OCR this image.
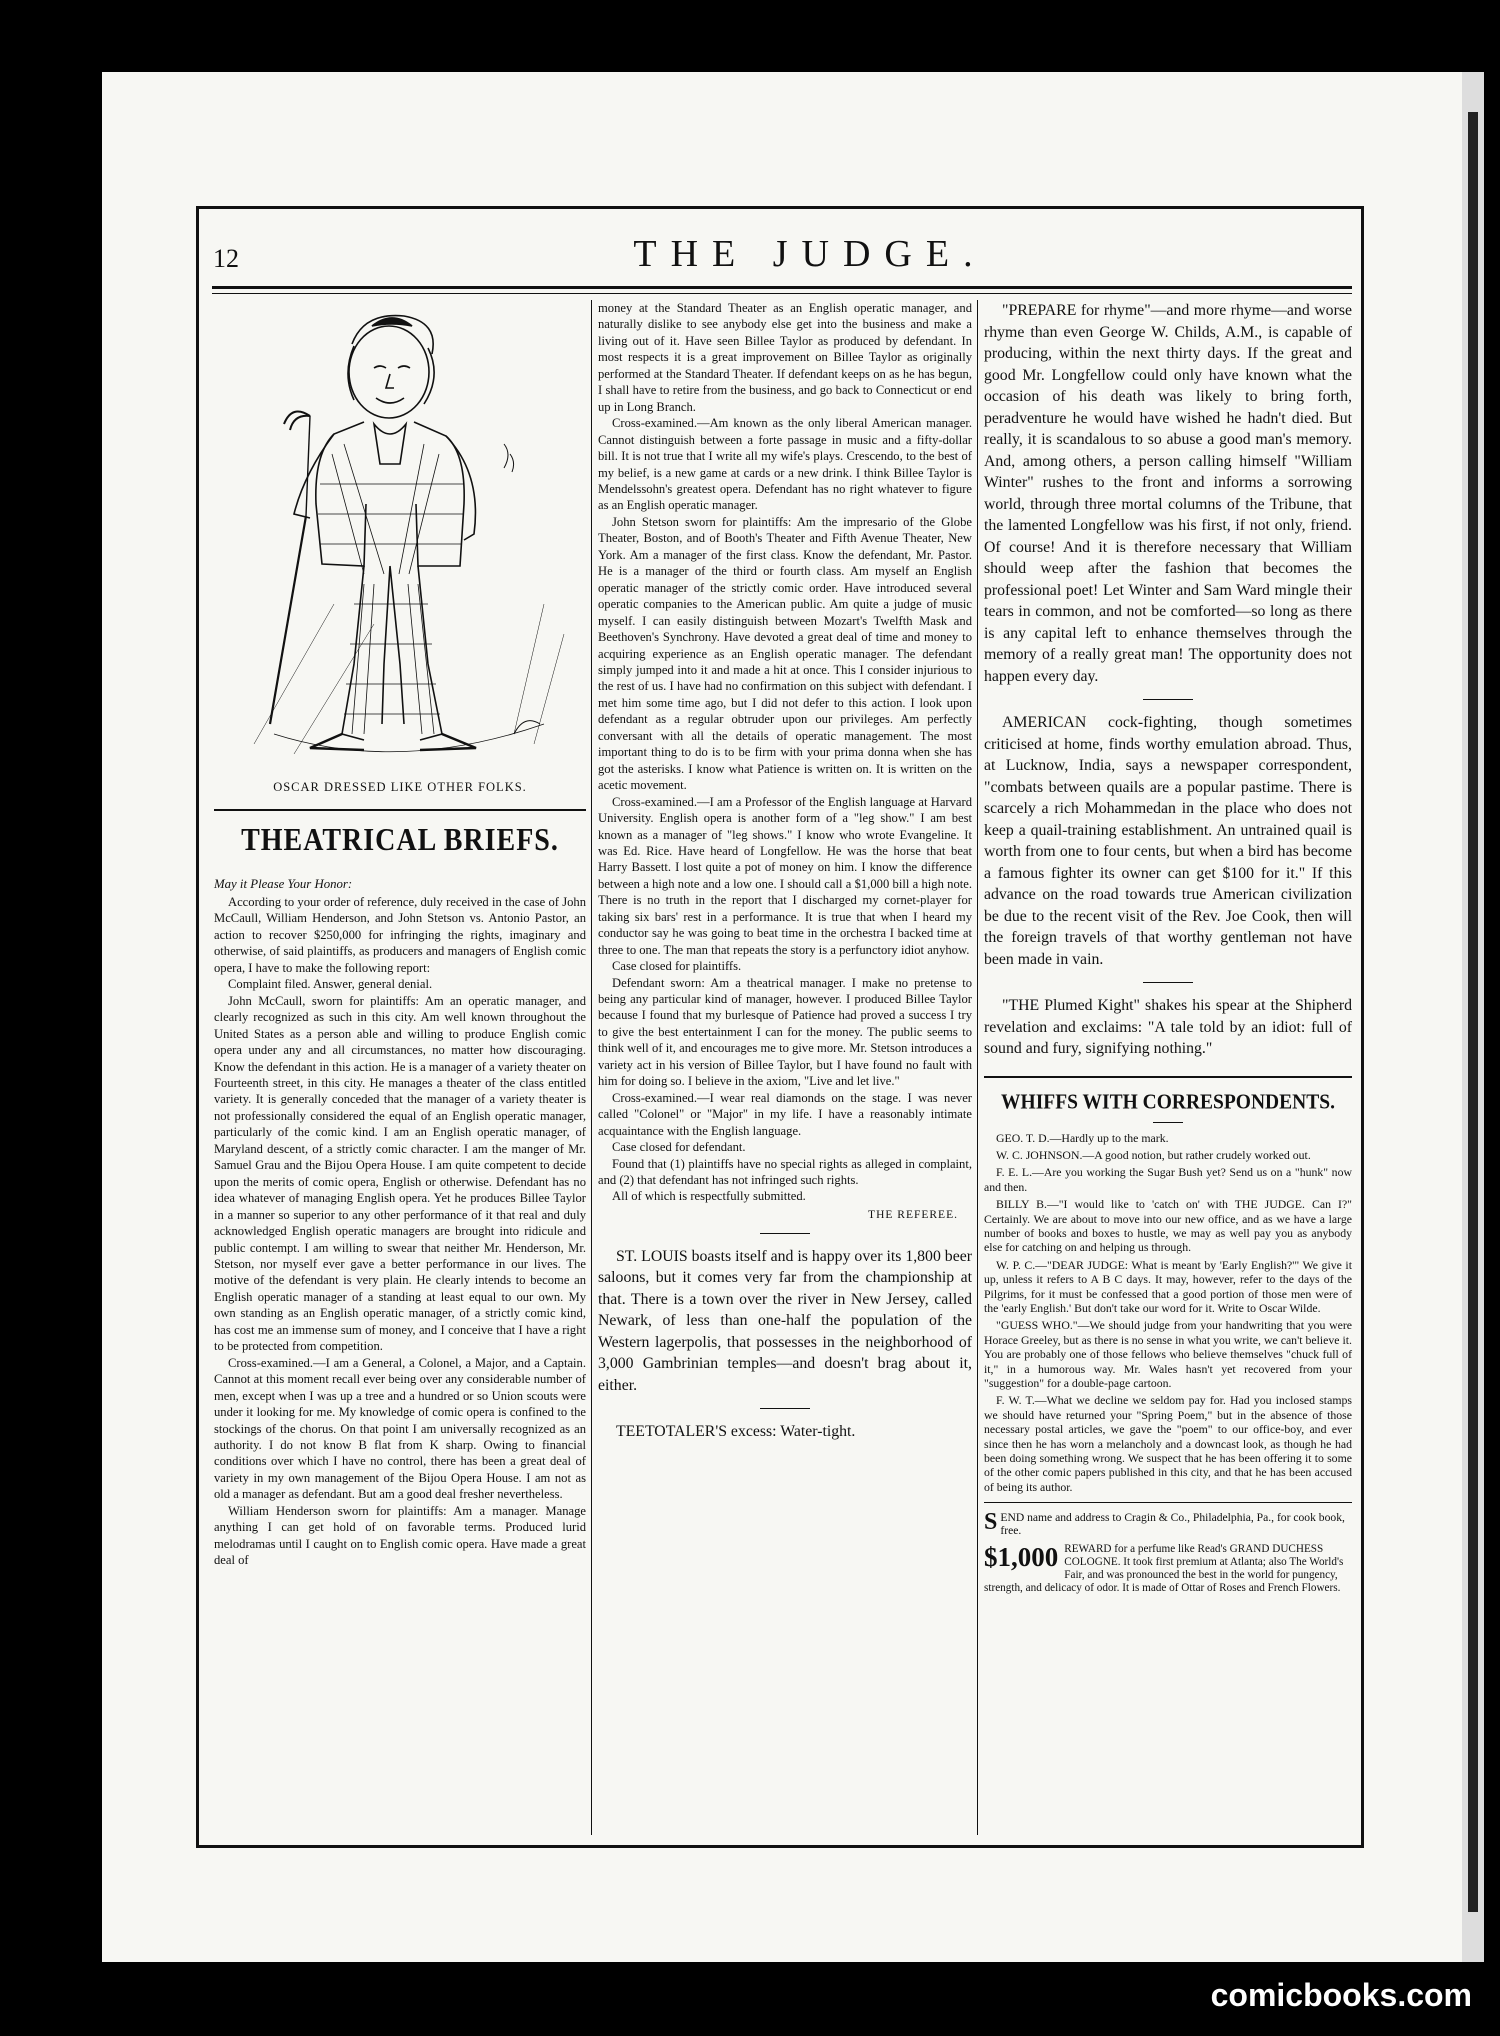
12	THE JUDGE.

OSCAR DRESSED LIKE OTHER FOLKS.

THEATRICAL BRIEFS.
May it Please Your Honor:

According to your order of reference, duly received in the case of John McCaull, William Henderson, and John Stetson vs. Antonio Pastor, an action to recover $250,000 for infringing the rights, imaginary and otherwise, of said plaintiffs, as producers and managers of English comic opera, I have to make the following report:

Complaint filed. Answer, general denial.

John McCaull, sworn for plaintiffs: Am an operatic manager, and clearly recognized as such in this city. Am well known throughout the United States as a person able and willing to produce English comic opera under any and all circumstances, no matter how discouraging. Know the defendant in this action. He is a manager of a variety theater on Fourteenth street, in this city. He manages a theater of the class entitled variety. It is generally conceded that the manager of a variety theater is not professionally considered the equal of an English operatic manager, particularly of the comic kind. I am an English operatic manager, of Maryland descent, of a strictly comic character. I am the manger of Mr. Samuel Grau and the Bijou Opera House. I am quite competent to decide upon the merits of comic opera, English or otherwise. Defendant has no idea whatever of managing English opera. Yet he produces Billee Taylor in a manner so superior to any other performance of it that real and duly acknowledged English operatic managers are brought into ridicule and public contempt. I am willing to swear that neither Mr. Henderson, Mr. Stetson, nor myself ever gave a better performance in our lives. The motive of the defendant is very plain. He clearly intends to become an English operatic manager of a standing at least equal to our own. My own standing as an English operatic manager, of a strictly comic kind, has cost me an immense sum of money, and I conceive that I have a right to be protected from competition.

Cross-examined.—I am a General, a Colonel, a Major, and a Captain. Cannot at this moment recall ever being over any considerable number of men, except when I was up a tree and a hundred or so Union scouts were under it looking for me. My knowledge of comic opera is confined to the stockings of the chorus. On that point I am universally recognized as an authority. I do not know B flat from K sharp. Owing to financial conditions over which I have no control, there has been a great deal of variety in my own management of the Bijou Opera House. I am not as old a manager as defendant. But am a good deal fresher nevertheless.

William Henderson sworn for plaintiffs: Am a manager. Manage anything I can get hold of on favorable terms. Produced lurid melodramas until I caught on to English comic opera. Have made a great deal of

money at the Standard Theater as an English operatic manager, and naturally dislike to see anybody else get into the business and make a living out of it. Have seen Billee Taylor as produced by defendant. In most respects it is a great improvement on Billee Taylor as originally performed at the Standard Theater. If defendant keeps on as he has begun, I shall have to retire from the business, and go back to Connecticut or end up in Long Branch.

Cross-examined.—Am known as the only liberal American manager. Cannot distinguish between a forte passage in music and a fifty-dollar bill. It is not true that I write all my wife's plays. Crescendo, to the best of my belief, is a new game at cards or a new drink. I think Billee Taylor is Mendelssohn's greatest opera. Defendant has no right whatever to figure as an English operatic manager.

John Stetson sworn for plaintiffs: Am the impresario of the Globe Theater, Boston, and of Booth's Theater and Fifth Avenue Theater, New York. Am a manager of the first class. Know the defendant, Mr. Pastor. He is a manager of the third or fourth class. Am myself an English operatic manager of the strictly comic order. Have introduced several operatic companies to the American public. Am quite a judge of music myself. I can easily distinguish between Mozart's Twelfth Mask and Beethoven's Synchrony. Have devoted a great deal of time and money to acquiring experience as an English operatic manager. The defendant simply jumped into it and made a hit at once. This I consider injurious to the rest of us. I have had no confirmation on this subject with defendant. I met him some time ago, but I did not defer to this action. I look upon defendant as a regular obtruder upon our privileges. Am perfectly conversant with all the details of operatic management. The most important thing to do is to be firm with your prima donna when she has got the asterisks. I know what Patience is written on. It is written on the acetic movement.

Cross-examined.—I am a Professor of the English language at Harvard University. English opera is another form of a "leg show." I am best known as a manager of "leg shows." I know who wrote Evangeline. It was Ed. Rice. Have heard of Longfellow. He was the horse that beat Harry Bassett. I lost quite a pot of money on him. I know the difference between a high note and a low one. I should call a $1,000 bill a high note. There is no truth in the report that I discharged my cornet-player for taking six bars' rest in a performance. It is true that when I heard my conductor say he was going to beat time in the orchestra I backed time at three to one. The man that repeats the story is a perfunctory idiot anyhow.

Case closed for plaintiffs.

Defendant sworn: Am a theatrical manager. I make no pretense to being any particular kind of manager, however. I produced Billee Taylor because I found that my burlesque of Patience had proved a success I try to give the best entertainment I can for the money. The public seems to think well of it, and encourages me to give more. Mr. Stetson introduces a variety act in his version of Billee Taylor, but I have found no fault with him for doing so. I believe in the axiom, "Live and let live."

Cross-examined.—I wear real diamonds on the stage. I was never called "Colonel" or "Major" in my life. I have a reasonably intimate acquaintance with the English language.

Case closed for defendant.

Found that (1) plaintiffs have no special rights as alleged in complaint, and (2) that defendant has not infringed such rights.

All of which is respectfully submitted.

THE REFEREE.

ST. LOUIS boasts itself and is happy over its 1,800 beer saloons, but it comes very far from the championship at that. There is a town over the river in New Jersey, called Newark, of less than one-half the population of the Western lagerpolis, that possesses in the neighborhood of 3,000 Gambrinian temples—and doesn't brag about it, either.

TEETOTALER'S excess: Water-tight.

"PREPARE for rhyme"—and more rhyme—and worse rhyme than even George W. Childs, A.M., is capable of producing, within the next thirty days. If the great and good Mr. Longfellow could only have known what the occasion of his death was likely to bring forth, peradventure he would have wished he hadn't died. But really, it is scandalous to so abuse a good man's memory. And, among others, a person calling himself "William Winter" rushes to the front and informs a sorrowing world, through three mortal columns of the Tribune, that the lamented Longfellow was his first, if not only, friend. Of course! And it is therefore necessary that William should weep after the fashion that becomes the professional poet! Let Winter and Sam Ward mingle their tears in common, and not be comforted—so long as there is any capital left to enhance themselves through the memory of a really great man! The opportunity does not happen every day.

AMERICAN cock-fighting, though sometimes criticised at home, finds worthy emulation abroad. Thus, at Lucknow, India, says a newspaper correspondent, "combats between quails are a popular pastime. There is scarcely a rich Mohammedan in the place who does not keep a quail-training establishment. An untrained quail is worth from one to four cents, but when a bird has become a famous fighter its owner can get $100 for it." If this advance on the road towards true American civilization be due to the recent visit of the Rev. Joe Cook, then will the foreign travels of that worthy gentleman not have been made in vain.

"THE Plumed Kight" shakes his spear at the Shipherd revelation and exclaims: "A tale told by an idiot: full of sound and fury, signifying nothing."

WHIFFS WITH CORRESPONDENTS.

GEO. T. D.—Hardly up to the mark.

W. C. JOHNSON.—A good notion, but rather crudely worked out.

F. E. L.—Are you working the Sugar Bush yet? Send us on a "hunk" now and then.

BILLY B.—"I would like to 'catch on' with THE JUDGE. Can I?" Certainly. We are about to move into our new office, and as we have a large number of books and boxes to hustle, we may as well pay you as anybody else for catching on and helping us through.

W. P. C.—"DEAR JUDGE: What is meant by 'Early English?'" We give it up, unless it refers to A B C days. It may, however, refer to the days of the Pilgrims, for it must be confessed that a good portion of those men were of the 'early English.' But don't take our word for it. Write to Oscar Wilde.

"GUESS WHO."—We should judge from your handwriting that you were Horace Greeley, but as there is no sense in what you write, we can't believe it. You are probably one of those fellows who believe themselves "chuck full of it," in a humorous way. Mr. Wales hasn't yet recovered from your "suggestion" for a double-page cartoon.

F. W. T.—What we decline we seldom pay for. Had you inclosed stamps we should have returned your "Spring Poem," but in the absence of those necessary postal articles, we gave the "poem" to our office-boy, and ever since then he has worn a melancholy and a downcast look, as though he had been doing something wrong. We suspect that he has been offering it to some of the other comic papers published in this city, and that he has been accused of being its author.

SEND name and address to Cragin & Co., Philadelphia, Pa., for cook book, free.
$1,000 REWARD for a perfume like Read's GRAND DUCHESS COLOGNE. It took first premium at Atlanta; also The World's Fair, and was pronounced the best in the world for pungency, strength, and delicacy of odor. It is made of Ottar of Roses and French Flowers.
comicbooks.com
